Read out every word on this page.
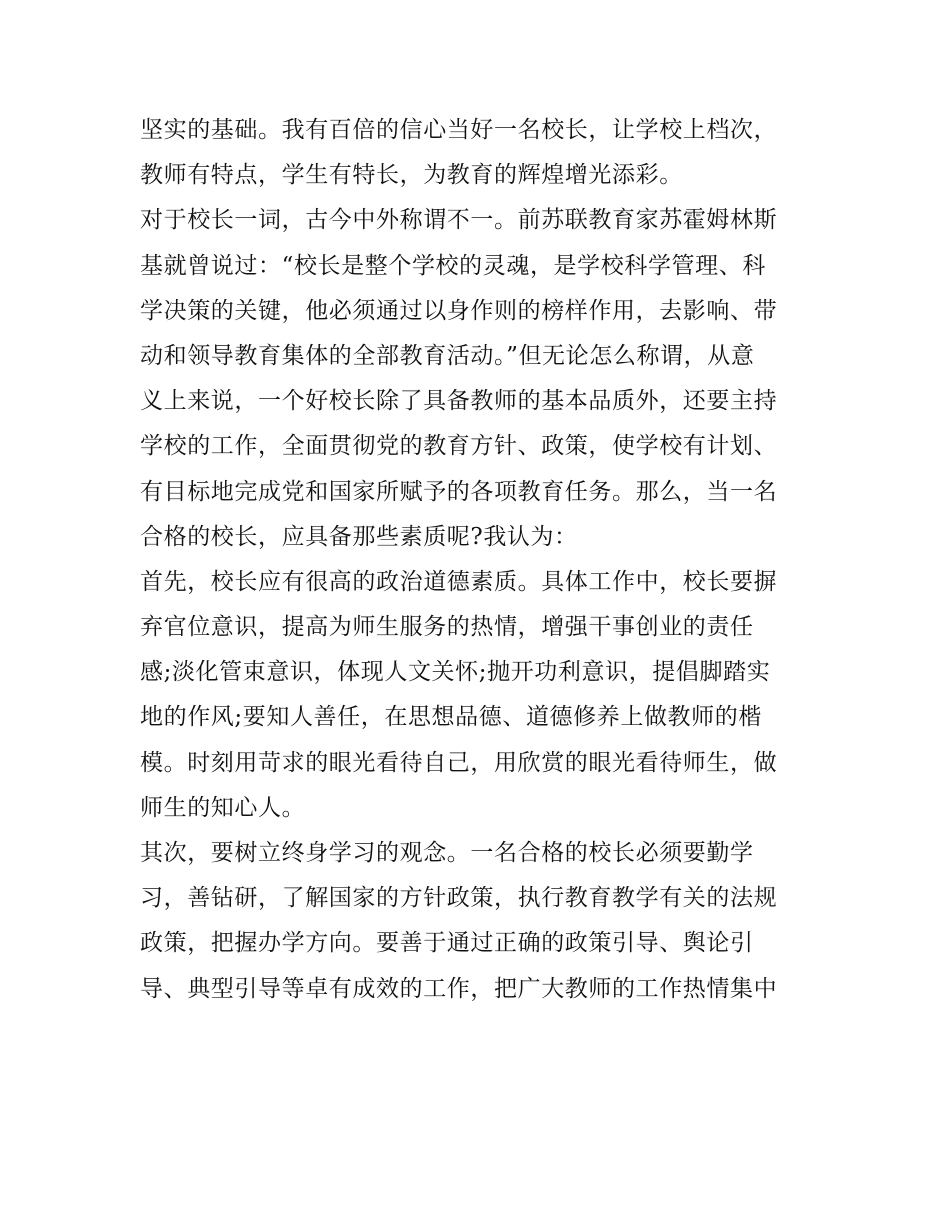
坚实的基础。我有百倍的信心当好一名校长，让学校上档次，
教师有特点，学生有特长，为教育的辉煌增光添彩。
对于校长一词，古今中外称谓不一。前苏联教育家苏霍姆林斯
基就曾说过：“校长是整个学校的灵魂，是学校科学管理、科
学决策的关键，他必须通过以身作则的榜样作用，去影响、带
动和领导教育集体的全部教育活动。”但无论怎么称谓，从意
义上来说，一个好校长除了具备教师的基本品质外，还要主持
学校的工作，全面贯彻党的教育方针、政策，使学校有计划、
有目标地完成党和国家所赋予的各项教育任务。那么，当一名
合格的校长，应具备那些素质呢?我认为：
首先，校长应有很高的政治道德素质。具体工作中，校长要摒
弃官位意识，提高为师生服务的热情，增强干事创业的责任
感;淡化管束意识，体现人文关怀;抛开功利意识，提倡脚踏实
地的作风;要知人善任，在思想品德、道德修养上做教师的楷
模。时刻用苛求的眼光看待自己，用欣赏的眼光看待师生，做
师生的知心人。
其次，要树立终身学习的观念。一名合格的校长必须要勤学
习，善钻研，了解国家的方针政策，执行教育教学有关的法规
政策，把握办学方向。要善于通过正确的政策引导、舆论引
导、典型引导等卓有成效的工作，把广大教师的工作热情集中
